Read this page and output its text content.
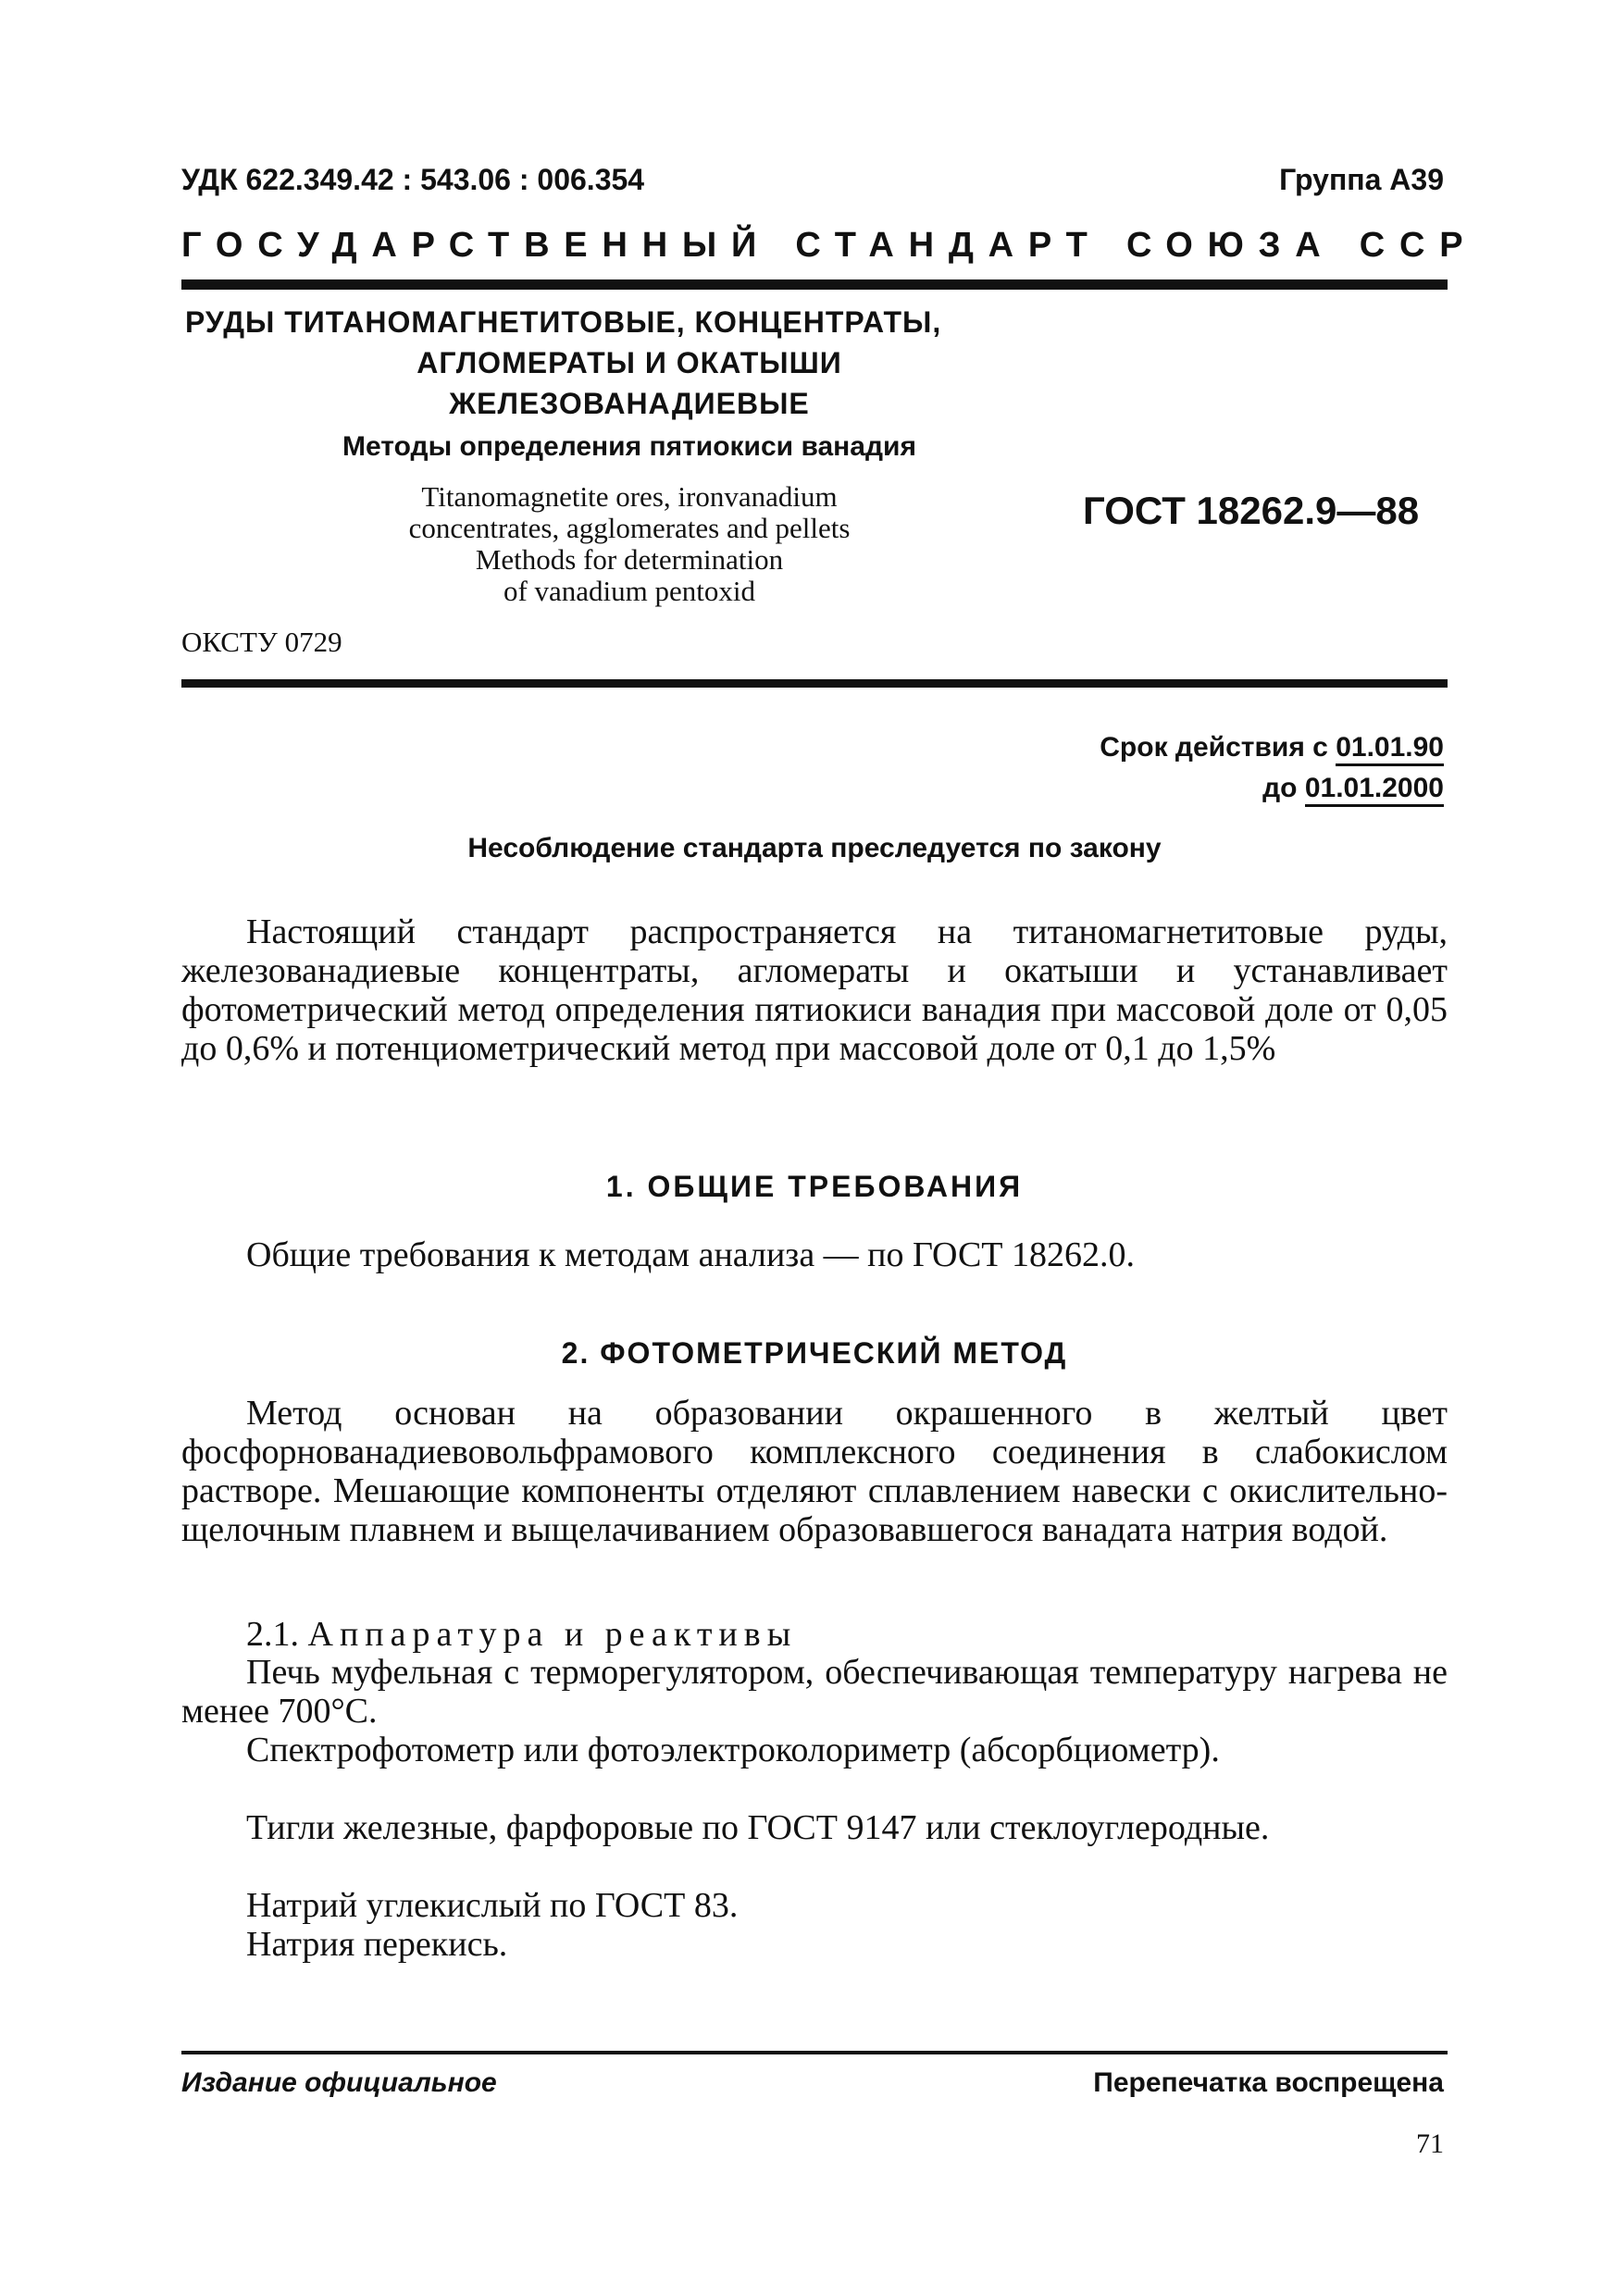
УДК 622.349.42 : 543.06 : 006.354	Группа А39
ГОСУДАРСТВЕННЫЙ СТАНДАРТ СОЮЗА ССР
РУДЫ ТИТАНОМАГНЕТИТОВЫЕ, КОНЦЕНТРАТЫ,
АГЛОМЕРАТЫ И ОКАТЫШИ
ЖЕЛЕЗОВАНАДИЕВЫЕ
Методы определения пятиокиси ванадия
Titanomagnetite ores, ironvanadium
concentrates, agglomerates and pellets
Methods for determination
of vanadium pentoxid
ГОСТ 18262.9—88
ОКСТУ 0729
Срок действия с 01.01.90
до 01.01.2000
Несоблюдение стандарта преследуется по закону

Настоящий стандарт распространяется на титаномагнетитовые руды, железованадиевые концентраты, агломераты и окатыши и устанавливает фотометрический метод определения пятиокиси ванадия при массовой доле от 0,05 до 0,6% и потенциометрический метод при массовой доле от 0,1 до 1,5%

1. ОБЩИЕ ТРЕБОВАНИЯ

Общие требования к методам анализа — по ГОСТ 18262.0.

2. ФОТОМЕТРИЧЕСКИЙ МЕТОД

Метод основан на образовании окрашенного в желтый цвет фосфорнованадиевовольфрамового комплексного соединения в слабокислом растворе. Мешающие компоненты отделяют сплавлением навески с окислительно-щелочным плавнем и выщелачиванием образовавшегося ванадата натрия водой.

2.1. Аппаратура и реактивы

Печь муфельная с терморегулятором, обеспечивающая температуру нагрева не менее 700°С.

Спектрофотометр или фотоэлектроколориметр (абсорбциометр).

Тигли железные, фарфоровые по ГОСТ 9147 или стеклоуглеродные.

Натрий углекислый по ГОСТ 83.

Натрия перекись.

Издание официальное	Перепечатка воспрещена
71
